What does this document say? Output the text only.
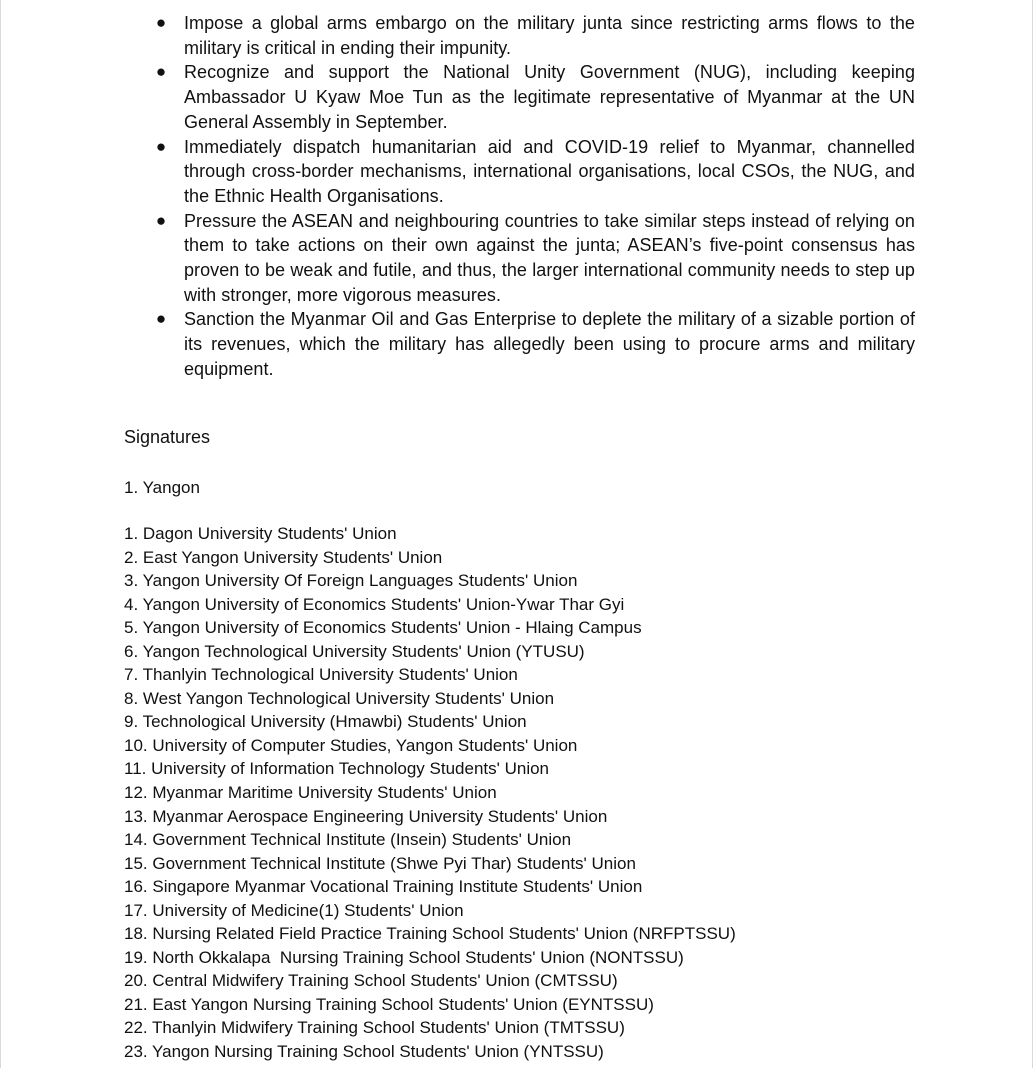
● Impose a global arms embargo on the military junta since restricting arms flows to the military is critical in ending their impunity.
● Recognize and support the National Unity Government (NUG), including keeping Ambassador U Kyaw Moe Tun as the legitimate representative of Myanmar at the UN General Assembly in September.
● Immediately dispatch humanitarian aid and COVID-19 relief to Myanmar, channelled through cross-border mechanisms, international organisations, local CSOs, the NUG, and the Ethnic Health Organisations.
● Pressure the ASEAN and neighbouring countries to take similar steps instead of relying on them to take actions on their own against the junta; ASEAN’s five-point consensus has proven to be weak and futile, and thus, the larger international community needs to step up with stronger, more vigorous measures.
● Sanction the Myanmar Oil and Gas Enterprise to deplete the military of a sizable portion of its revenues, which the military has allegedly been using to procure arms and military equipment.
Signatures
1. Yangon
1. Dagon University Students' Union
2. East Yangon University Students' Union
3. Yangon University Of Foreign Languages Students' Union
4. Yangon University of Economics Students' Union-Ywar Thar Gyi
5. Yangon University of Economics Students' Union - Hlaing Campus
6. Yangon Technological University Students' Union (YTUSU)
7. Thanlyin Technological University Students' Union
8. West Yangon Technological University Students' Union
9. Technological University (Hmawbi) Students' Union
10. University of Computer Studies, Yangon Students' Union
11. University of Information Technology Students' Union
12. Myanmar Maritime University Students' Union
13. Myanmar Aerospace Engineering University Students' Union
14. Government Technical Institute (Insein) Students' Union
15. Government Technical Institute (Shwe Pyi Thar) Students' Union
16. Singapore Myanmar Vocational Training Institute Students' Union
17. University of Medicine(1) Students' Union
18. Nursing Related Field Practice Training School Students' Union (NRFPTSSU)
19. North Okkalapa  Nursing Training School Students' Union (NONTSSU)
20. Central Midwifery Training School Students' Union (CMTSSU)
21. East Yangon Nursing Training School Students' Union (EYNTSSU)
22. Thanlyin Midwifery Training School Students' Union (TMTSSU)
23. Yangon Nursing Training School Students' Union (YNTSSU)
